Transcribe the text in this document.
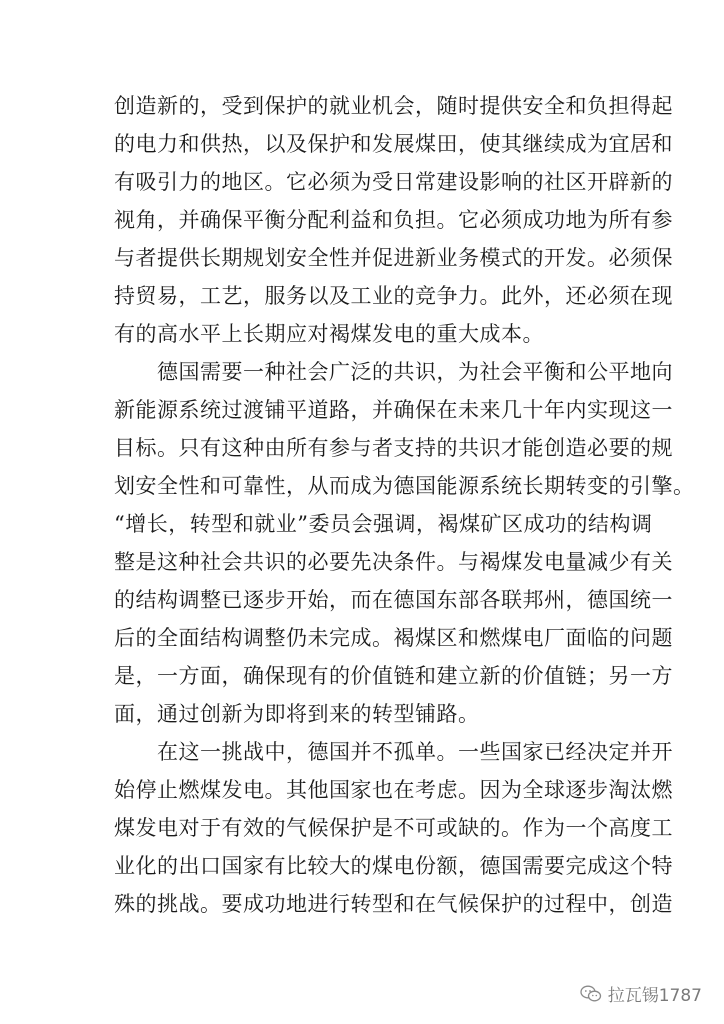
创造新的，受到保护的就业机会，随时提供安全和负担得起
的电力和供热，以及保护和发展煤田，使其继续成为宜居和
有吸引力的地区。它必须为受日常建设影响的社区开辟新的
视角，并确保平衡分配利益和负担。它必须成功地为所有参
与者提供长期规划安全性并促进新业务模式的开发。必须保
持贸易，工艺，服务以及工业的竞争力。此外，还必须在现
有的高水平上长期应对褐煤发电的重大成本。
　　德国需要一种社会广泛的共识，为社会平衡和公平地向
新能源系统过渡铺平道路，并确保在未来几十年内实现这一
目标。只有这种由所有参与者支持的共识才能创造必要的规
划安全性和可靠性，从而成为德国能源系统长期转变的引擎。
“增长，转型和就业”委员会强调，褐煤矿区成功的结构调
整是这种社会共识的必要先决条件。与褐煤发电量减少有关
的结构调整已逐步开始，而在德国东部各联邦州，德国统一
后的全面结构调整仍未完成。褐煤区和燃煤电厂面临的问题
是，一方面，确保现有的价值链和建立新的价值链；另一方
面，通过创新为即将到来的转型铺路。
　　在这一挑战中，德国并不孤单。一些国家已经决定并开
始停止燃煤发电。其他国家也在考虑。因为全球逐步淘汰燃
煤发电对于有效的气候保护是不可或缺的。作为一个高度工
业化的出口国家有比较大的煤电份额，德国需要完成这个特
殊的挑战。要成功地进行转型和在气候保护的过程中，创造
拉瓦锡1787
